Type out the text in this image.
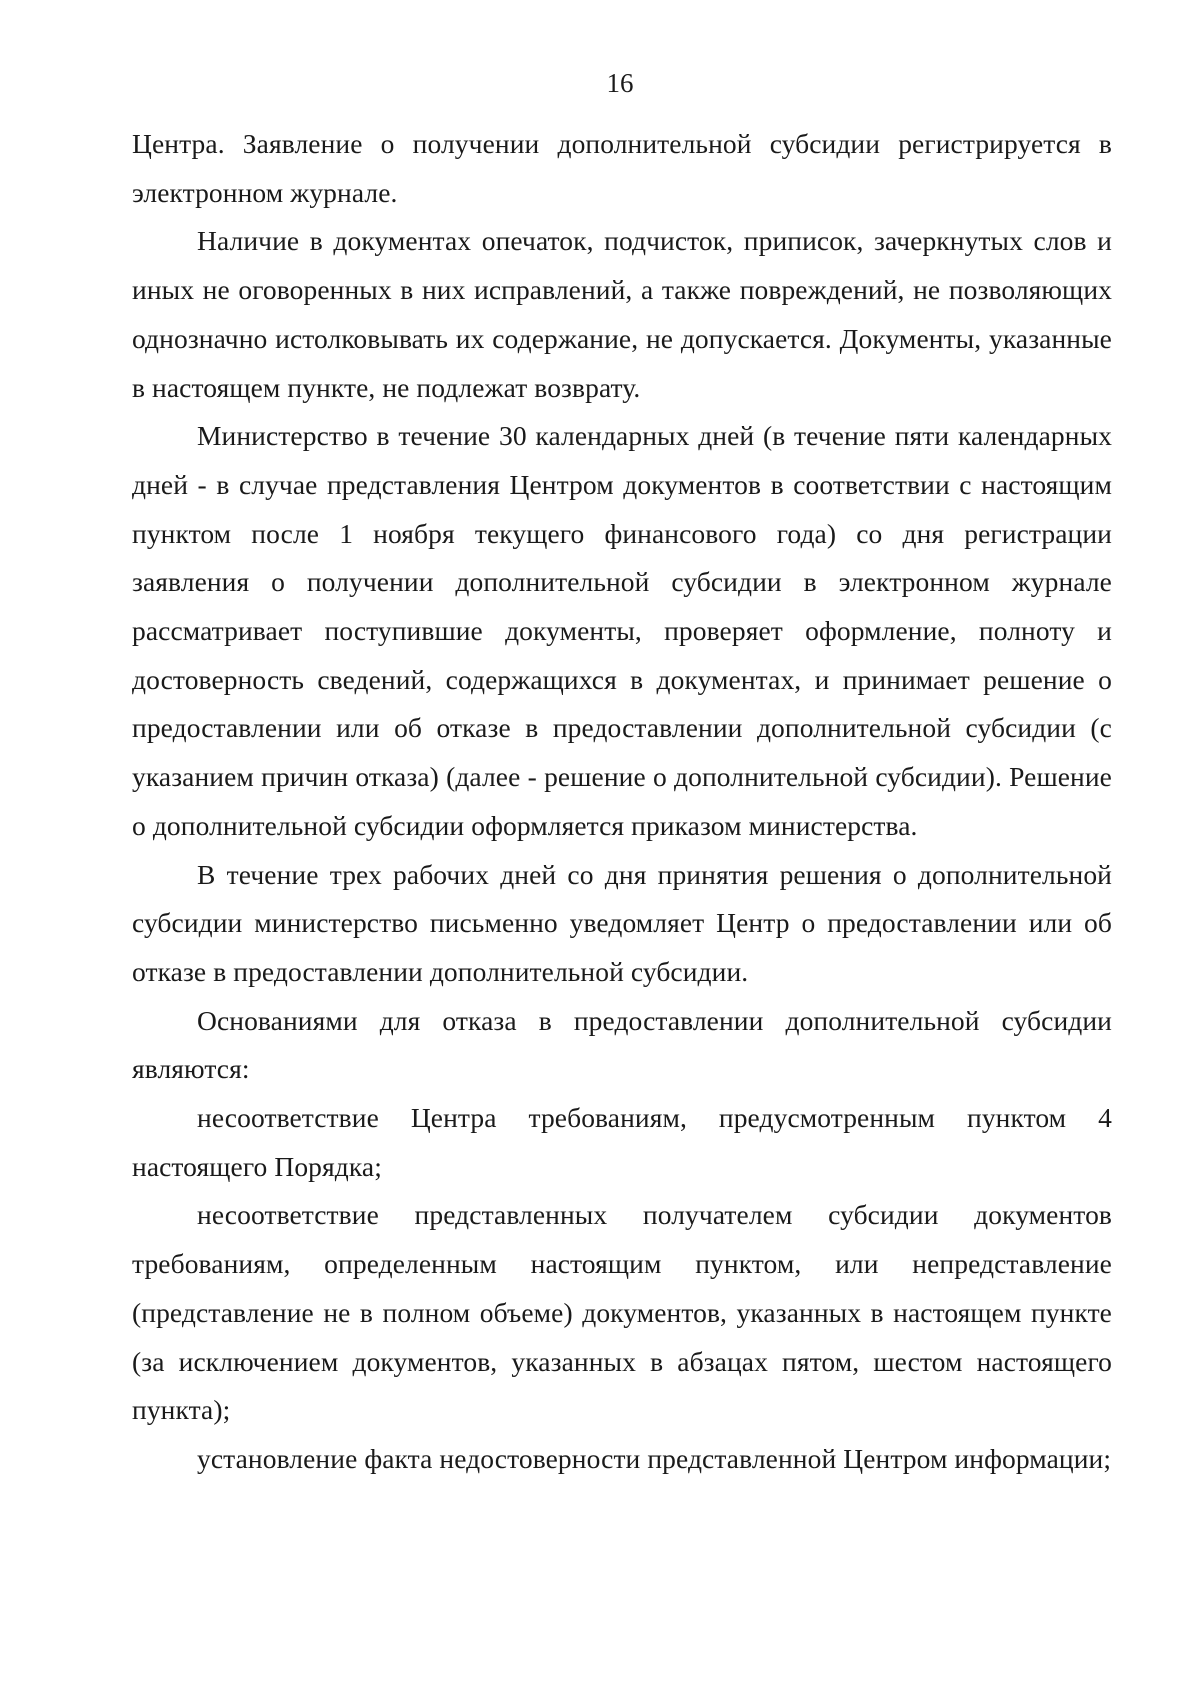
16

Центра. Заявление о получении дополнительной субсидии регистрируется в электронном журнале.

Наличие в документах опечаток, подчисток, приписок, зачеркнутых слов и иных не оговоренных в них исправлений, а также повреждений, не позволяющих однозначно истолковывать их содержание, не допускается. Документы, указанные в настоящем пункте, не подлежат возврату.

Министерство в течение 30 календарных дней (в течение пяти календарных дней - в случае представления Центром документов в соответствии с настоящим пунктом после 1 ноября текущего финансового года) со дня регистрации заявления о получении дополнительной субсидии в электронном журнале рассматривает поступившие документы, проверяет оформление, полноту и достоверность сведений, содержащихся в документах, и принимает решение о предоставлении или об отказе в предоставлении дополнительной субсидии (с указанием причин отказа) (далее - решение о дополнительной субсидии). Решение о дополнительной субсидии оформляется приказом министерства.

В течение трех рабочих дней со дня принятия решения о дополнительной субсидии министерство письменно уведомляет Центр о предоставлении или об отказе в предоставлении дополнительной субсидии.

Основаниями для отказа в предоставлении дополнительной субсидии являются:

несоответствие Центра требованиям, предусмотренным пунктом 4 настоящего Порядка;

несоответствие представленных получателем субсидии документов требованиям, определенным настоящим пунктом, или непредставление (представление не в полном объеме) документов, указанных в настоящем пункте (за исключением документов, указанных в абзацах пятом, шестом настоящего пункта);

установление факта недостоверности представленной Центром информации;
